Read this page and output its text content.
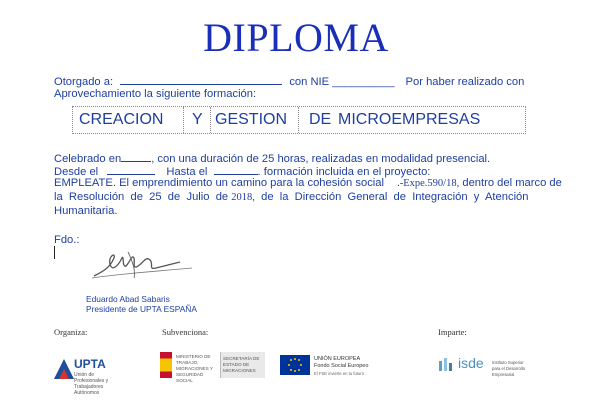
DIPLOMA
Otorgado a:	con NIE __________ Por haber realizado con
Aprovechamiento la siguiente formación:
CREACION Y GESTION DE MICROEMPRESAS
Celebrado en	, con una duración de 25 horas, realizadas en modalidad presencial.
Desde el	Hasta el	. formación incluida en el proyecto:
EMPLEATE. El emprendimiento un camino para la cohesión social .-Expe.590/18, dentro del marco de
la  Resolución  de  25  de  Julio  de 2018,  de  la  Dirección  General  de  Integración  y  Atención
Humanitaria.
Fdo.:
Eduardo Abad Sabaris
Presidente de UPTA ESPAÑA
Organiza:	Subvenciona:	Imparte:
UPTA
Unión de Profesionales y Trabajadores Autónomos
MINISTERIO DE TRABAJO, MIGRACIONES Y SEGURIDAD SOCIAL
SECRETARÍA DE ESTADO DE MIGRACIONES
UNIÓN EUROPEA
Fondo Social Europeo
El FSE invierte en tu futuro
isde Instituto Superior para el Desarrollo Empresarial
